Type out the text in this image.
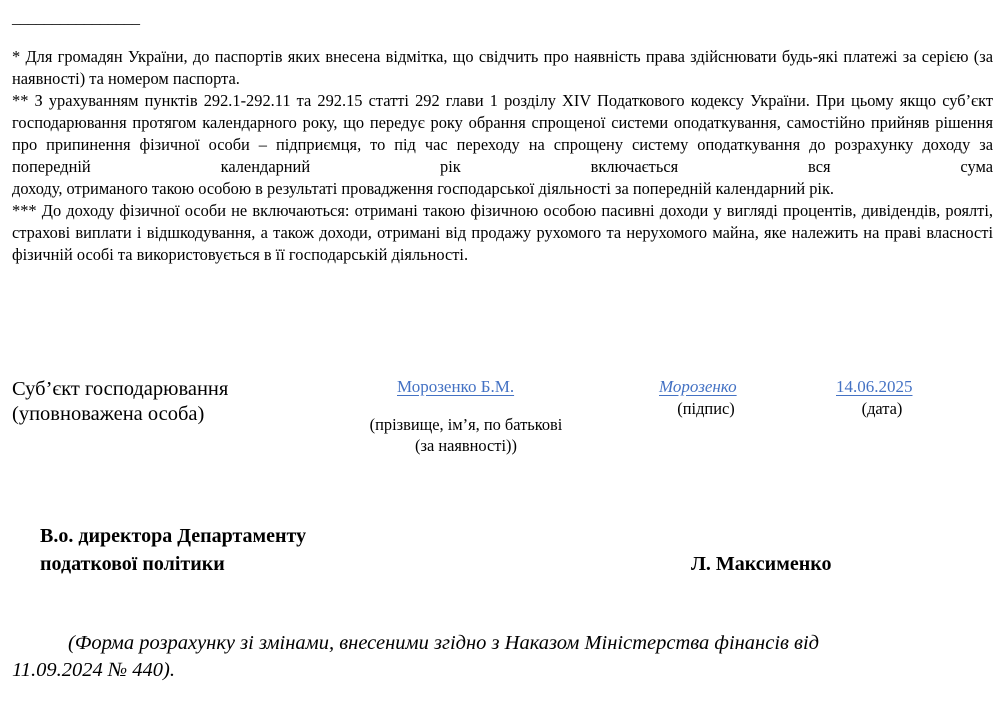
________________

* Для громадян України, до паспортів яких внесена відмітка, що свідчить про наявність права здійснювати будь-які платежі за серією (за наявності) та номером паспорта.

** З урахуванням пунктів 292.1-292.11 та 292.15 статті 292 глави 1 розділу XIV Податкового кодексу України. При цьому якщо суб’єкт господарювання протягом календарного року, що передує року обрання спрощеної системи оподаткування, самостійно прийняв рішення про припинення фізичної особи – підприємця, то під час переходу на спрощену систему оподаткування до розрахунку доходу за попередній календарний рік включається вся сума

доходу, отриманого такою особою в результаті провадження господарської діяльності за попередній календарний рік.

*** До доходу фізичної особи не включаються: отримані такою фізичною особою пасивні доходи у вигляді процентів, дивідендів, роялті, страхові виплати і відшкодування, а також доходи, отримані від продажу рухомого та нерухомого майна, яке належить на праві власності фізичній особі та використовується в її господарській діяльності.

Суб’єкт господарювання
(уповноважена особа)
Морозенко Б.М.
(прізвище, ім’я, по батькові
(за наявності))
Морозенко
(підпис)
14.06.2025
(дата)
В.о. директора Департаменту
податкової політики	Л. Максименко
(Форма розрахунку зі змінами, внесеними згідно з Наказом Міністерства фінансів від
11.09.2024 № 440).
